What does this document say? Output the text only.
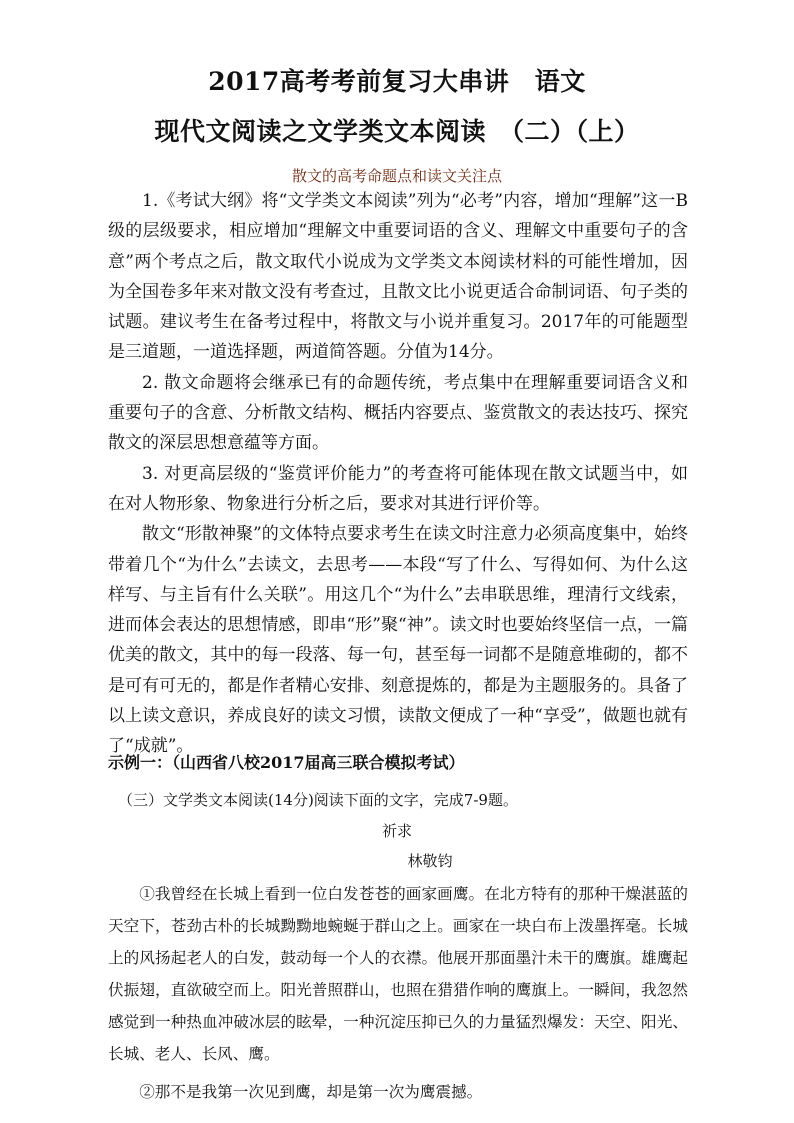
2017高考考前复习大串讲　语文
现代文阅读之文学类文本阅读　（二）（上）
散文的高考命题点和读文关注点

1.《考试大纲》将“文学类文本阅读”列为“必考”内容，增加“理解”这一B级的层级要求，相应增加“理解文中重要词语的含义、理解文中重要句子的含意”两个考点之后，散文取代小说成为文学类文本阅读材料的可能性增加，因为全国卷多年来对散文没有考查过，且散文比小说更适合命制词语、句子类的试题。建议考生在备考过程中，将散文与小说并重复习。2017年的可能题型是三道题，一道选择题，两道简答题。分值为14分。

2. 散文命题将会继承已有的命题传统，考点集中在理解重要词语含义和重要句子的含意、分析散文结构、概括内容要点、鉴赏散文的表达技巧、探究散文的深层思想意蕴等方面。

3. 对更高层级的“鉴赏评价能力”的考查将可能体现在散文试题当中，如在对人物形象、物象进行分析之后，要求对其进行评价等。

散文“形散神聚”的文体特点要求考生在读文时注意力必须高度集中，始终带着几个“为什么”去读文，去思考——本段“写了什么、写得如何、为什么这样写、与主旨有什么关联”。用这几个“为什么”去串联思维，理清行文线索，进而体会表达的思想情感，即串“形”聚“神”。读文时也要始终坚信一点，一篇优美的散文，其中的每一段落、每一句，甚至每一词都不是随意堆砌的，都不是可有可无的，都是作者精心安排、刻意提炼的，都是为主题服务的。具备了以上读文意识，养成良好的读文习惯，读散文便成了一种“享受”，做题也就有了“成就”。

示例一：（山西省八校2017届高三联合模拟考试）
（三）文学类文本阅读(14分)阅读下面的文字，完成7-9题。
祈求
林敬钧

①我曾经在长城上看到一位白发苍苍的画家画鹰。在北方特有的那种干燥湛蓝的天空下，苍劲古朴的长城黝黝地蜿蜒于群山之上。画家在一块白布上泼墨挥毫。长城上的风扬起老人的白发，鼓动每一个人的衣襟。他展开那面墨汁未干的鹰旗。雄鹰起伏振翅，直欲破空而上。阳光普照群山，也照在猎猎作响的鹰旗上。一瞬间，我忽然感觉到一种热血冲破冰层的眩晕，一种沉淀压抑已久的力量猛烈爆发：天空、阳光、长城、老人、长风、鹰。

②那不是我第一次见到鹰，却是第一次为鹰震撼。
